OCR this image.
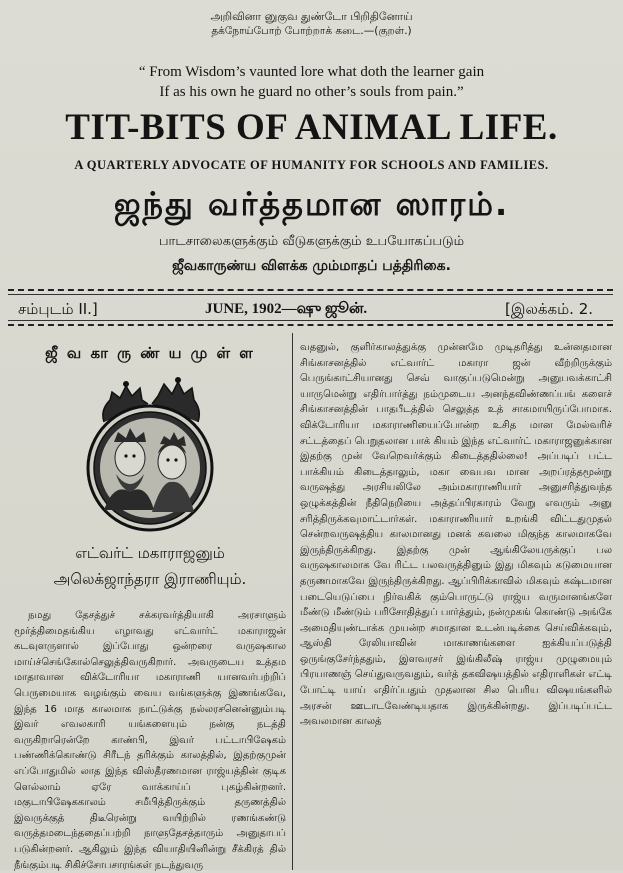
அறிவினா னுகுவ துண்டோ பிறிதினோய்
தக்நோய்போற் போற்றாக் கடை.—(குறள்.)
“ From Wisdom’s vaunted lore what doth the learner gain
If as his own he guard no other’s souls from pain.”
TIT-BITS OF ANIMAL LIFE.
A QUARTERLY ADVOCATE OF HUMANITY FOR SCHOOLS AND FAMILIES.
ஜந்து வர்த்தமான ஸாரம்.
பாடசாலைகளுக்கும் வீடுகளுக்கும் உபயோகப்படும்
ஜீவகாருண்ய விளக்க மும்மாதப் பத்திரிகை.
சம்புடம் II.]	JUNE, 1902—ஷு ஜூன்.	[இலக்கம். 2.
ஜீ வ கா ரு ண் ய மு ள் ள
எட்வர்ட் மகாராஜனும்
அலெக்ஜாந்தரா இராணியும்.

நமது தேசத்துச் சக்கரவர்த்தியாகி அரசாளும் மூர்த்திமைதங்கிய எழாவது எட்வார்ட் மகாராஜன் கடவுளருளால் இப்போது ஒன்றரை வருஷகால மாய்ச்செங்கோல்செலுத்திவருகிறார். அவருடைய உத்தம மாதாவான விக்டோரியா மகாராணி யானவர்பற்றிப் பெருமையாக வழங்கும் வைய வங்களுக்கு இணங்கவே, இந்த 16 மாத காலமாக நாட்டுக்கு நல்லரசனென்னும்படி இவர் எவலகாரி யங்களையும் நன்கு நடத்தி வருகிறாரென்றே காண்பி, இவர் பட்டாபிஷேகம் பண்ணிக்கொண்டு சிரீடந் தரிக்கும் காலத்தில், இதற்குமுன் எப்போதுமில் லாத இந்த விஸ்தீரணமான ராஜ்யத்தின் குடிக ளெல்லாம் ஏரே வாக்காய்ப் புகழ்கின்றனர். மகுடாபிஷேககாலம் சமீபித்திருக்கும் தருணத்தில் இவருக்குத் திடீரென்று வயிற்றில் ரணங்கண்டு வருத்தமடைந்ததைப்பற்றி நாளுதேசத்தாரும் அனுதாபப் படுகின்றனர். ஆகிலும் இந்த வியாதியினின்று சீக்கிரத் தில் நீங்கும்படி சிகிச்சோபசாரங்கள் நடந்துவரு

வதனுல், குளிர்காலத்துக்கு முன்னமே முடிதரித்து உன்னதமான சிங்காசனத்தில் எட்வார்ட் மகாரா ஜன் வீற்றிருக்கும் பெருங்காட்சியானது செவ் வாகுப்படுமென்று அனுபவக்காட்சி யாருமென்று எதிர்பார்த்து நம்முடைய அனந்தவிண்ணப்பங் களைச் சிங்காசனத்தின் பாதபீடத்தில் செலுத்த உத் சாகமாயிருப்போமாக. விக்டோரியா மகாராணியைப்போன்ற உசித மான மேல்வரிச் சட்டத்தைப் பெறுதலான பாக் கியம் இந்த எட்வார்ட் மகாராஜனுக்கான இதற்கு முன் வேறெவர்க்கும் கிடைத்ததில்லை! அப்படிப் பட்ட பாக்கியம் கிடைத்தாலும், மகா வைபவ மான அறப்ரத்தமூன்று வருஷத்து அரசியலிலே அம்மகாராணியார் அனுசரித்துவந்த ஒழுக்கத்தின் நீதிநெறியை அத்தப்பிரகாரம் வேறு எவரும் அனு சரித்திருக்கவுமாட்டார்கள். மகாராணியார் உறங்கி விட்டதுமுதல் சென்றவருஷத்திய காலமானது மனக் கவலை மிகுந்த காலமாகவே இருந்திருக்கிறது. இதற்கு முன் ஆங்கிலேயருக்குப் பல வருஷகாலமாக வே ரிட்ட பலவருத்தினும் இது மிகவும் கடுமையான தருணமாகவே இருந்திருக்கிறது. ஆப்பிரிக்காவில் மிகவும் கஷ்டமான படையெடுப்பை நிர்வகிக் கும்பொருட்டு ராஜ்ய வருமானங்களே மீண்டு மீண்டும் பரிசோதித்துப் பார்த்தும், நன்முகங் கொண்டு அங்கே அமைதியுண்டாக்க முயன்ற சமாதான உடன்படிக்கை செய்விக்கவும், ஆஸ்தி ரேலியாவின் மாகாணங்களை ஐக்கியப்படுத்தி ஒருங்குசேர்ந்ததும், இளவரசர் இங்கிலீஷ் ராஜ்ய முழுமையும் பிரயாணஞ் செய்துவருவதும், வர்த் தகவிஷயத்தில் எதிராளிகள் எட்டி போட்டி யாய் எதிர்ப்பதும் முதலான சில பெரிய விஷயங்களில் அரசன் ஊடாடவேண்டியதாக இருக்கின்றது. இப்படிப்பட்ட அவலமான காலத்
